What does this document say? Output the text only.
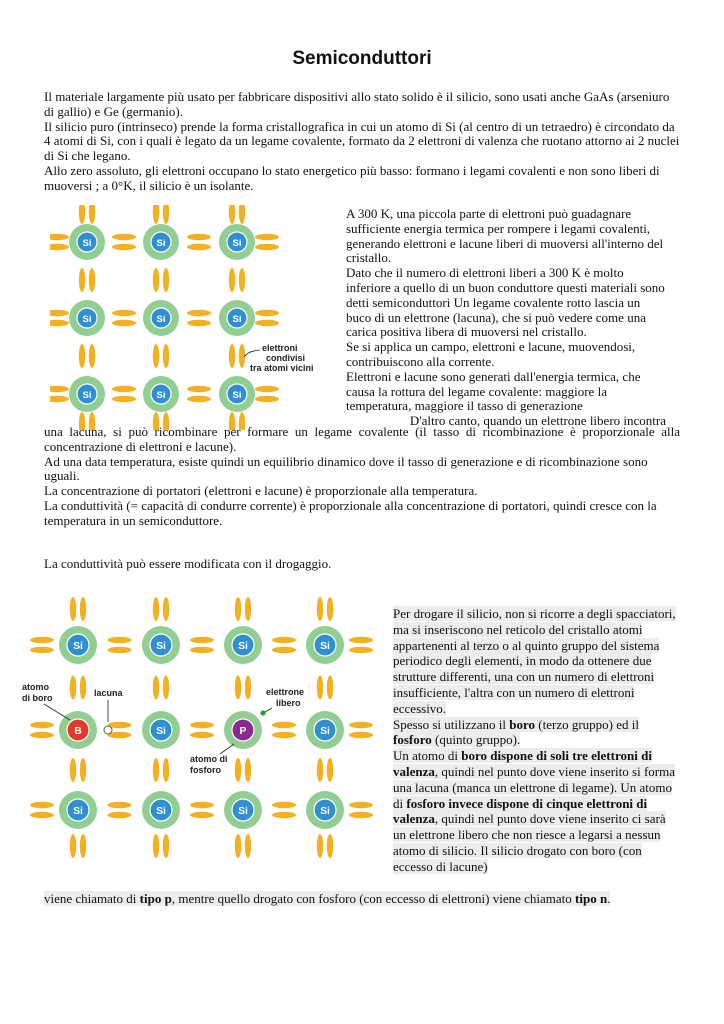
Semiconduttori

Il materiale largamente più usato per fabbricare dispositivi allo stato solido è il silicio, sono usati anche GaAs (arseniuro di gallio) e Ge (germanio).

Il silicio puro (intrinseco) prende la forma cristallografica in cui un atomo di Si (al centro di un tetraedro) è circondato da 4 atomi di Si, con i quali è legato da un legame covalente, formato da 2 elettroni di valenza che ruotano attorno ai 2 nuclei di Si che legano.

Allo zero assoluto, gli elettroni occupano lo stato energetico più basso: formano i legami covalenti e non sono liberi di muoversi ; a 0°K, il silicio è un isolante.

Si
Si
Si
Si
Si
Si
Si
Si
Si
elettroni
condivisi
tra atomi vicini

A 300 K, una piccola parte di elettroni può guadagnare sufficiente energia termica per rompere i legami covalenti, generando elettroni e lacune liberi di muoversi all'interno del cristallo.

Dato che il numero di elettroni liberi a 300 K è molto inferiore a quello di un buon conduttore questi materiali sono detti semiconduttori Un legame covalente rotto lascia un buco di un elettrone (lacuna), che si può vedere come una carica positiva libera di muoversi nel cristallo.

Se si applica un campo, elettroni e lacune, muovendosi, contribuiscono alla corrente.

Elettroni e lacune sono generati dall'energia termica, che causa la rottura del legame covalente: maggiore la temperatura, maggiore il tasso di generazione

D'altro canto, quando un elettrone libero incontra

una lacuna, si può ricombinare per formare un legame covalente (il tasso di ricombinazione è proporzionale alla concentrazione di elettroni e lacune).

Ad una data temperatura, esiste quindi un equilibrio dinamico dove il tasso di generazione e di ricombinazione sono uguali.

La concentrazione di portatori (elettroni e lacune) è proporzionale alla temperatura.

La conduttività (= capacità di condurre corrente) è proporzionale alla concentrazione di portatori, quindi cresce con la temperatura in un semiconduttore.

La conduttività può essere modificata con il drogaggio.
Si
B
Si
Si
Si
Si
Si
P
Si
Si
Si
Si
atomo
di boro	lacuna	elettrone
libero
atomo di
fosforo

Per drogare il silicio, non si ricorre a degli spacciatori, ma si inseriscono nel reticolo del cristallo atomi appartenenti al terzo o al quinto gruppo del sistema periodico degli elementi, in modo da ottenere due strutture differenti, una con un numero di elettroni insufficiente, l'altra con un numero di elettroni eccessivo.

Spesso si utilizzano il boro (terzo gruppo) ed il fosforo (quinto gruppo).

Un atomo di boro dispone di soli tre elettroni di valenza, quindi nel punto dove viene inserito si forma una lacuna (manca un elettrone di legame). Un atomo di fosforo invece dispone di cinque elettroni di valenza, quindi nel punto dove viene inserito ci sarà un elettrone libero che non riesce a legarsi a nessun atomo di silicio. Il silicio drogato con boro (con eccesso di lacune)

viene chiamato di tipo p, mentre quello drogato con fosforo (con eccesso di elettroni) viene chiamato tipo n.
